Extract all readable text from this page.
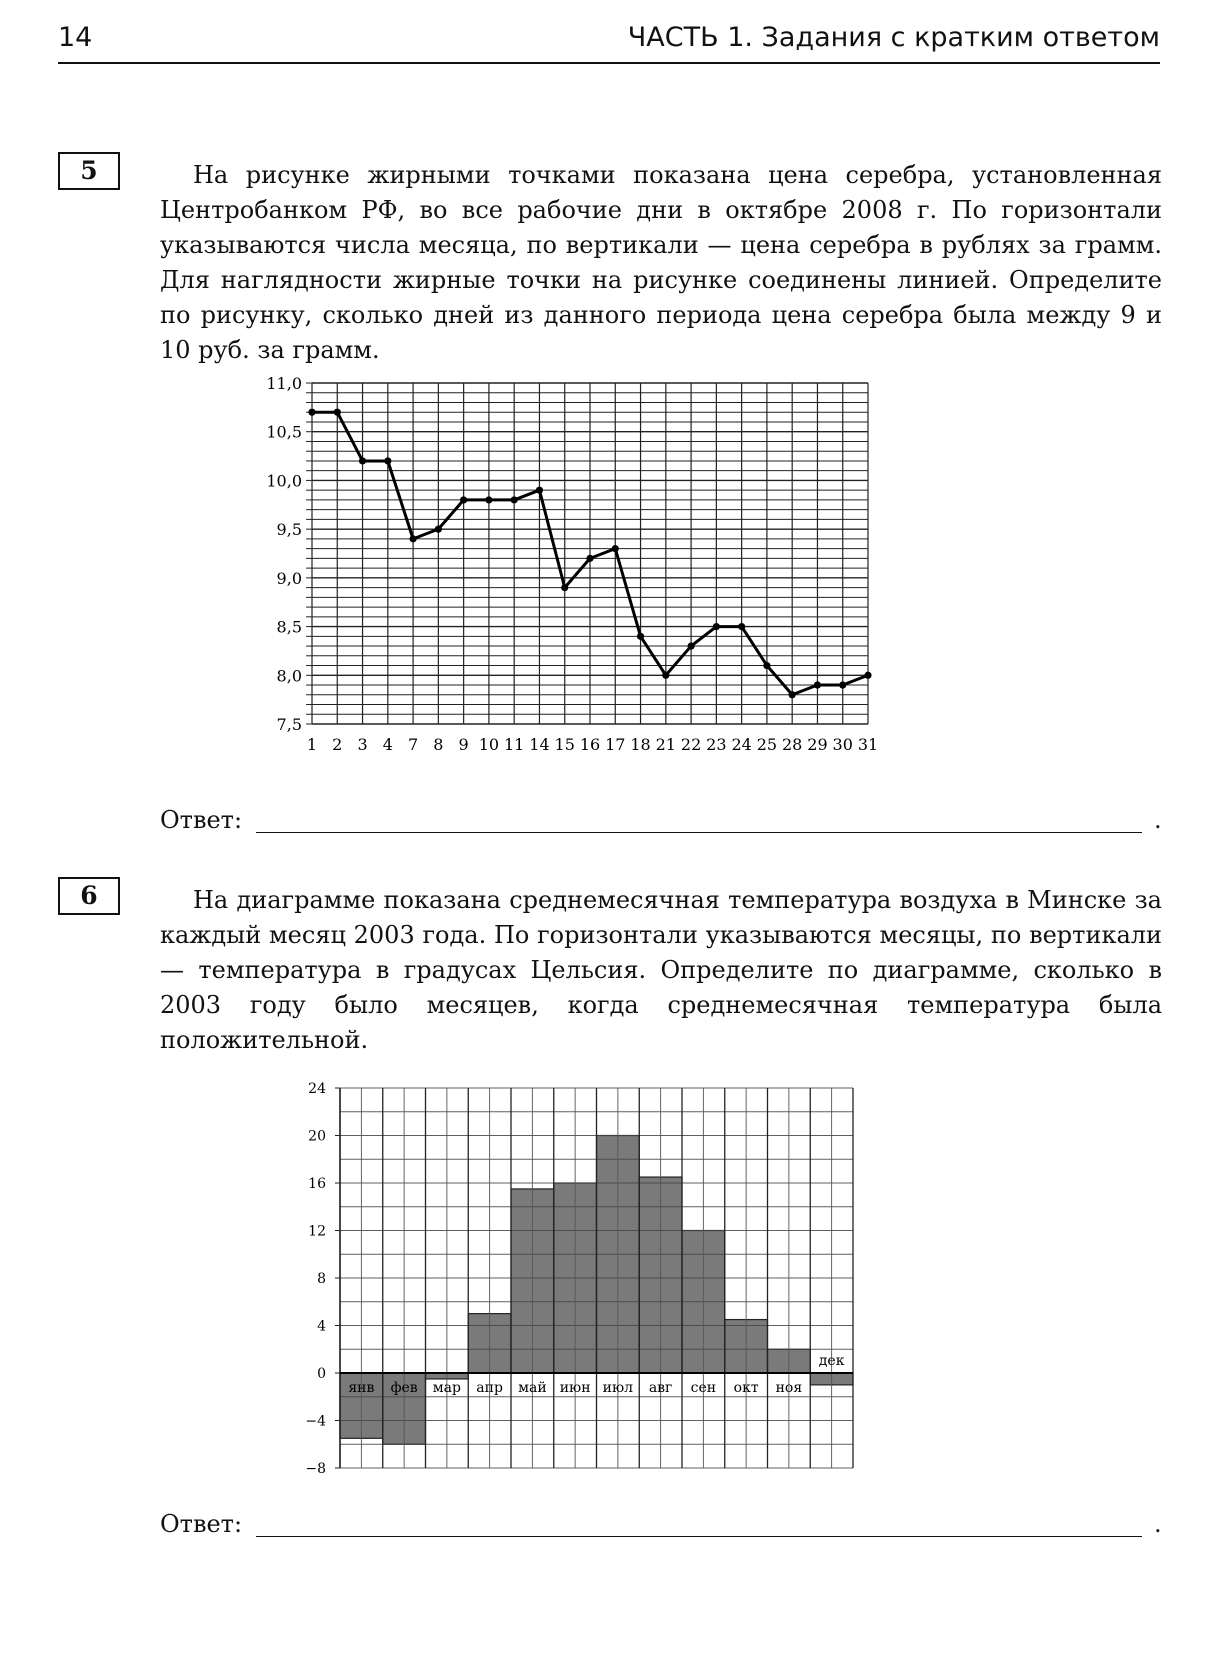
14	ЧАСТЬ 1. Задания с кратким ответом
5	На рисунке жирными точками показана цена серебра, установленная Центробанком РФ, во все рабочие дни в октябре 2008 г. По горизонтали указываются числа месяца, по вертикали — цена серебра в рублях за грамм. Для наглядности жирные точки на рисунке соединены линией. Определите по рисунку, сколько дней из данного периода цена серебра была между 9 и 10 руб. за грамм.
7,5
8,0
8,5
9,0
9,5
10,0
10,5
11,0
1 2 3 4 7 8 9 10 11 14 15 16 17 18 21 22 23 24 25 28 29 30 31
−8
−4
0
4
8
12
16
20
24
янв фев мар апр май июн июл авг сен окт ноя
дек
Ответ:	.
6	На диаграмме показана среднемесячная температура воздуха в Минске за каждый месяц 2003 года. По горизонтали указываются месяцы, по вертикали — температура в градусах Цельсия. Определите по диаграмме, сколько в 2003 году было месяцев, когда среднемесячная температура была положительной.
Ответ:	.
